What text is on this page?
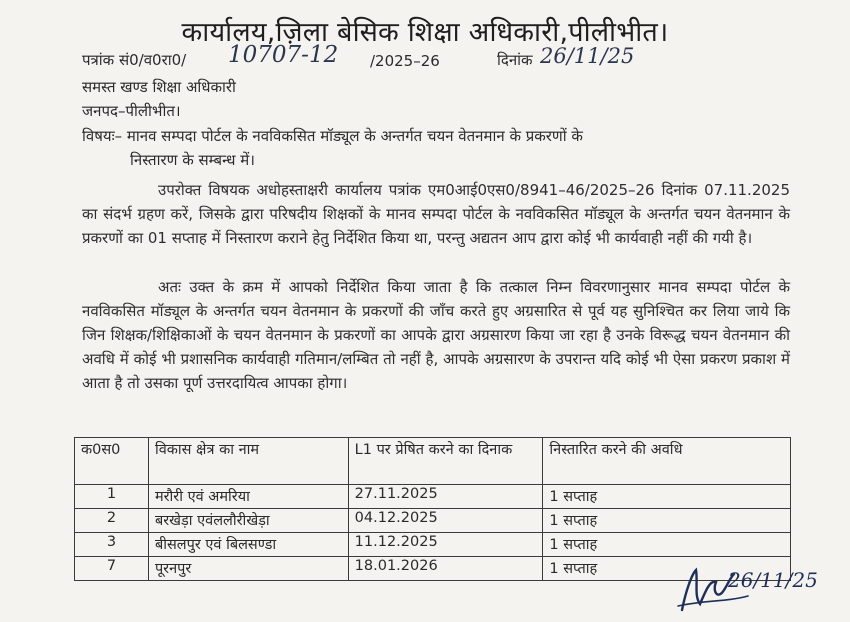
कार्यालय,ज़िला बेसिक शिक्षा अधिकारी,पीलीभीत।
पत्रांक सं0/व0रा0/ 10707-12 /2025–26	दिनांक 26/11/25
समस्त खण्ड शिक्षा अधिकारी
जनपद–पीलीभीत।
विषयः– मानव सम्पदा पोर्टल के नवविकसित मॉड्यूल के अन्तर्गत चयन वेतनमान के प्रकरणों के
निस्तारण के सम्बन्ध में।
उपरोक्त विषयक अधोहस्ताक्षरी कार्यालय पत्रांक एम0आई0एस0/8941–46/2025–26 दिनांक 07.11.2025 का संदर्भ ग्रहण करें, जिसके द्वारा परिषदीय शिक्षकों के मानव सम्पदा पोर्टल के नवविकसित मॉड्यूल के अन्तर्गत चयन वेतनमान के प्रकरणों का 01 सप्ताह में निस्तारण कराने हेतु निर्देशित किया था, परन्तु अद्यतन आप द्वारा कोई भी कार्यवाही नहीं की गयी है।
अतः उक्त के क्रम में आपको निर्देशित किया जाता है कि तत्काल निम्न विवरणानुसार मानव सम्पदा पोर्टल के नवविकसित मॉड्यूल के अन्तर्गत चयन वेतनमान के प्रकरणों की जाँच करते हुए अग्रसारित से पूर्व यह सुनिश्चित कर लिया जाये कि जिन शिक्षक/शिक्षिकाओं के चयन वेतनमान के प्रकरणों का आपके द्वारा अग्रसारण किया जा रहा है उनके विरूद्ध चयन वेतनमान की अवधि में कोई भी प्रशासनिक कार्यवाही गतिमान/लम्बित तो नहीं है, आपके अग्रसारण के उपरान्त यदि कोई भी ऐसा प्रकरण प्रकाश में आता है तो उसका पूर्ण उत्तरदायित्व आपका होगा।
क0स0	विकास क्षेत्र का नाम	L1 पर प्रेषित करने का दिनाक	निस्तारित करने की अवधि
1	मरौरी एवं अमरिया	27.11.2025	1 सप्ताह
2	बरखेड़ा एवंललौरीखेड़ा	04.12.2025	1 सप्ताह
3	बीसलपुर एवं बिलसण्डा	11.12.2025	1 सप्ताह
7	पूरनपुर	18.01.2026	1 सप्ताह	26/11/25
